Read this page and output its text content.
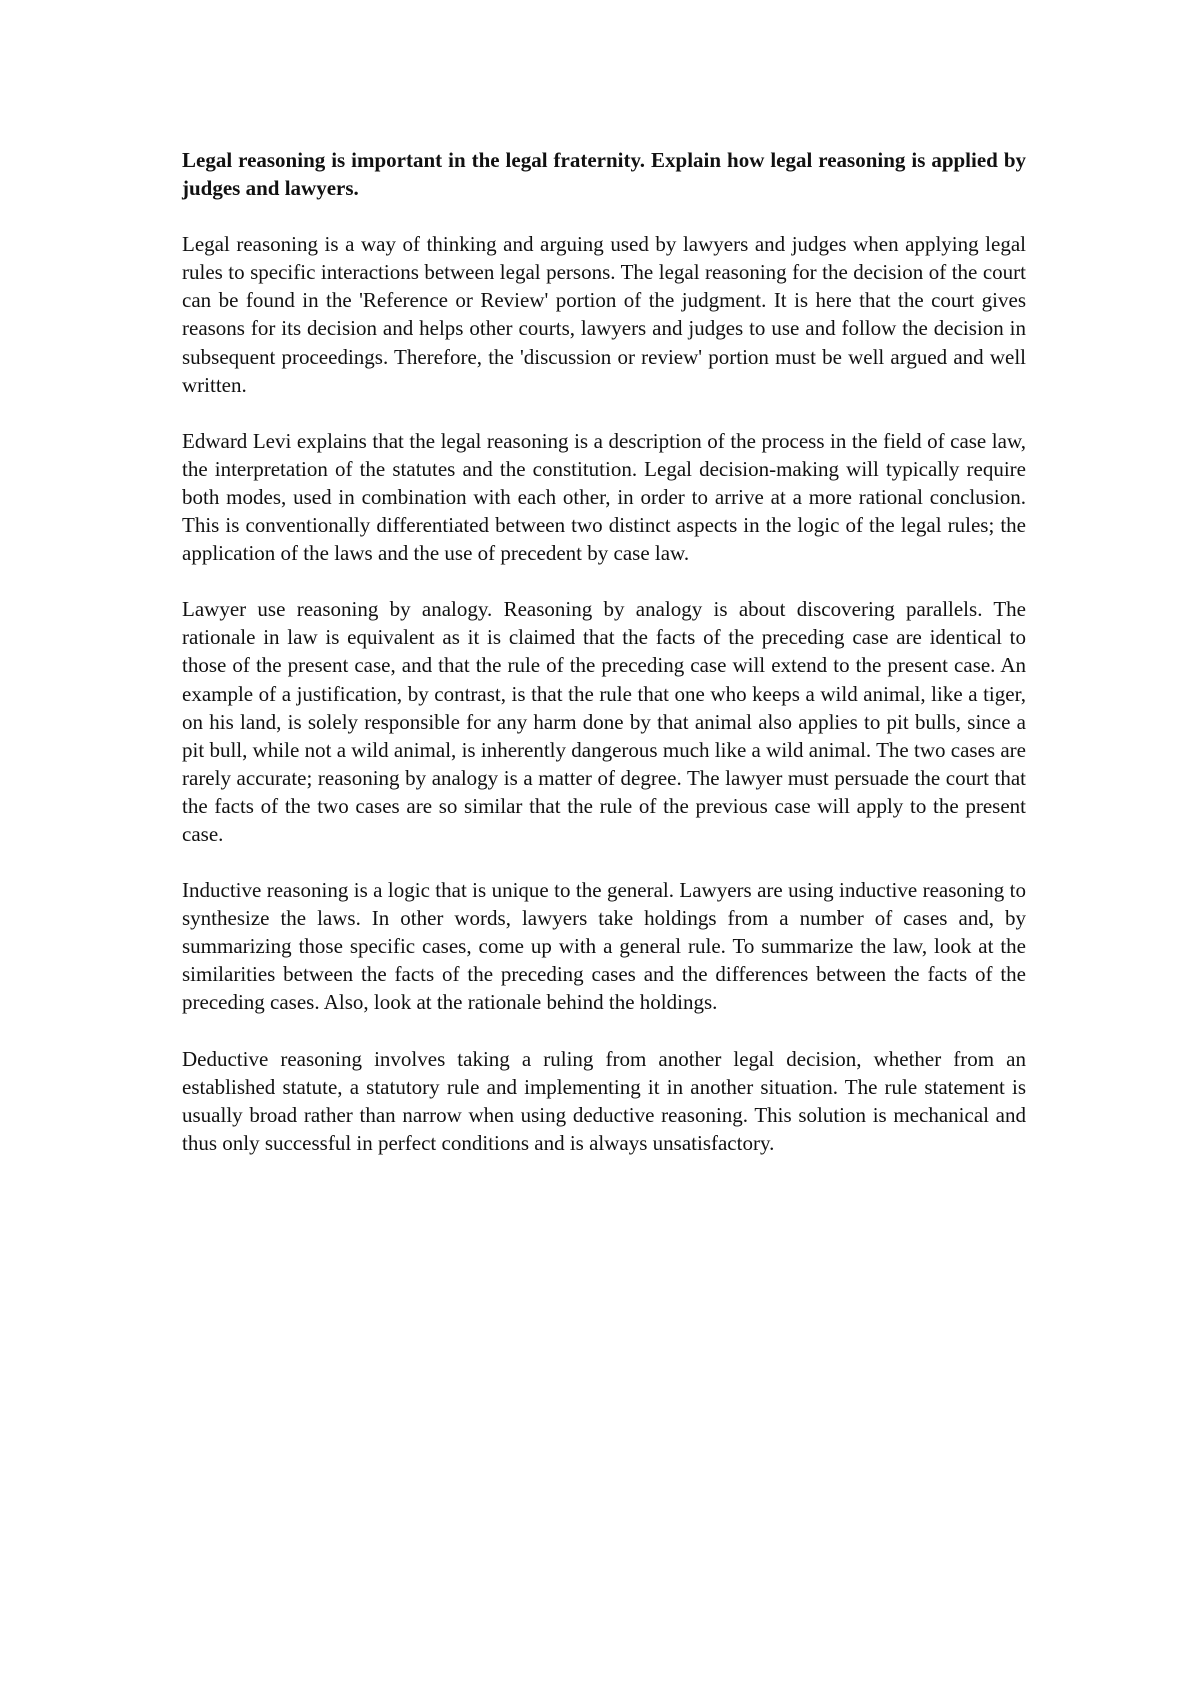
Legal reasoning is important in the legal fraternity. Explain how legal reasoning is applied by judges and lawyers.

Legal reasoning is a way of thinking and arguing used by lawyers and judges when applying legal rules to specific interactions between legal persons. The legal reasoning for the decision of the court can be found in the 'Reference or Review' portion of the judgment. It is here that the court gives reasons for its decision and helps other courts, lawyers and judges to use and follow the decision in subsequent proceedings. Therefore, the 'discussion or review' portion must be well argued and well written.

Edward Levi explains that the legal reasoning is a description of the process in the field of case law, the interpretation of the statutes and the constitution. Legal decision-making will typically require both modes, used in combination with each other, in order to arrive at a more rational conclusion. This is conventionally differentiated between two distinct aspects in the logic of the legal rules; the application of the laws and the use of precedent by case law.

Lawyer use reasoning by analogy. Reasoning by analogy is about discovering parallels. The rationale in law is equivalent as it is claimed that the facts of the preceding case are identical to those of the present case, and that the rule of the preceding case will extend to the present case. An example of a justification, by contrast, is that the rule that one who keeps a wild animal, like a tiger, on his land, is solely responsible for any harm done by that animal also applies to pit bulls, since a pit bull, while not a wild animal, is inherently dangerous much like a wild animal. The two cases are rarely accurate; reasoning by analogy is a matter of degree. The lawyer must persuade the court that the facts of the two cases are so similar that the rule of the previous case will apply to the present case.

Inductive reasoning is a logic that is unique to the general. Lawyers are using inductive reasoning to synthesize the laws. In other words, lawyers take holdings from a number of cases and, by summarizing those specific cases, come up with a general rule. To summarize the law, look at the similarities between the facts of the preceding cases and the differences between the facts of the preceding cases. Also, look at the rationale behind the holdings.

Deductive reasoning involves taking a ruling from another legal decision, whether from an established statute, a statutory rule and implementing it in another situation. The rule statement is usually broad rather than narrow when using deductive reasoning. This solution is mechanical and thus only successful in perfect conditions and is always unsatisfactory.
